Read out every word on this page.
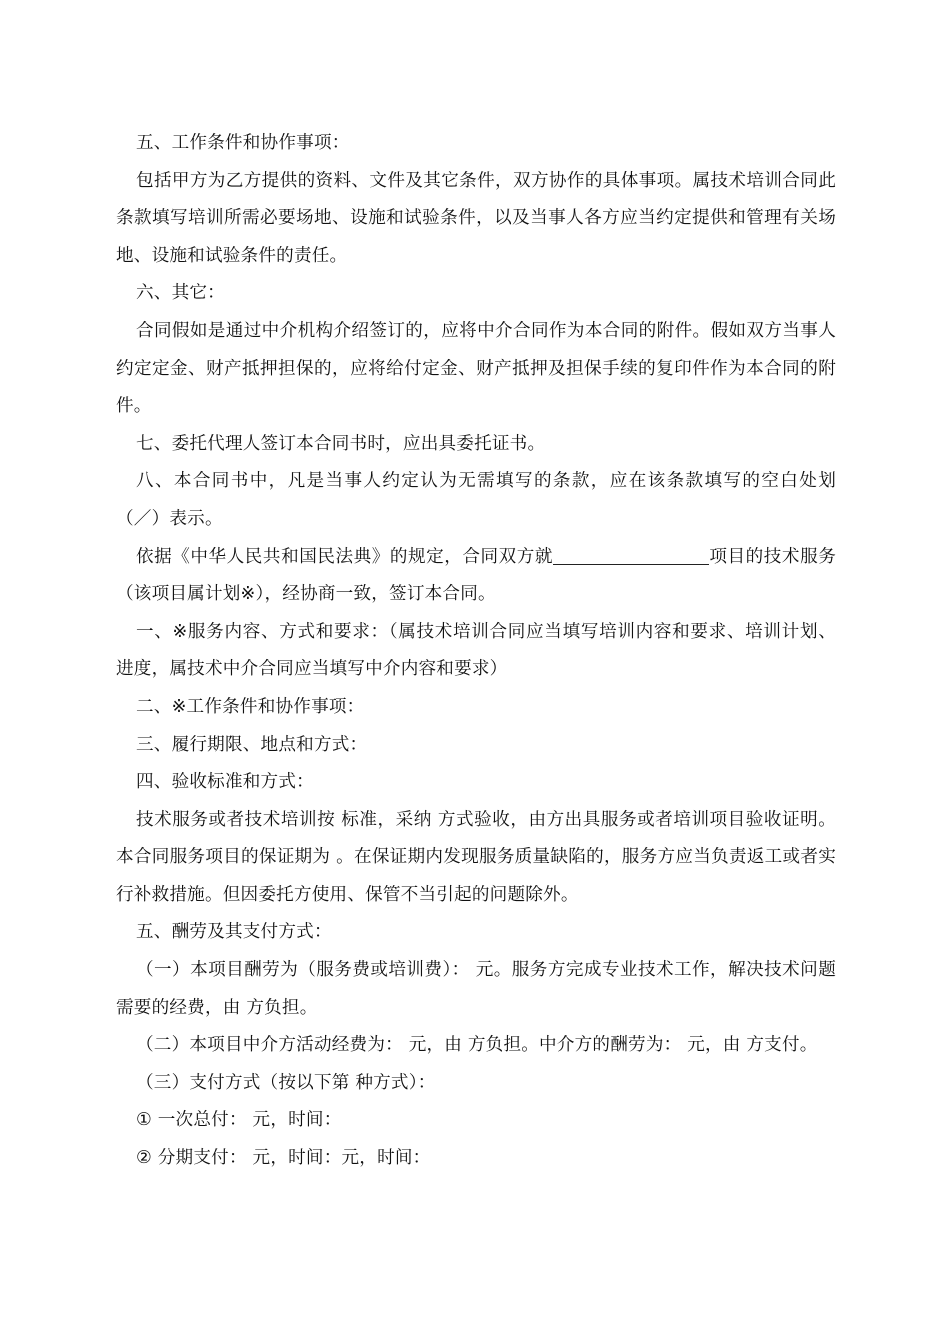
五、工作条件和协作事项：

包括甲方为乙方提供的资料、文件及其它条件，双方协作的具体事项。属技术培训合同此条款填写培训所需必要场地、设施和试验条件，以及当事人各方应当约定提供和管理有关场地、设施和试验条件的责任。

六、其它：

合同假如是通过中介机构介绍签订的，应将中介合同作为本合同的附件。假如双方当事人约定定金、财产抵押担保的，应将给付定金、财产抵押及担保手续的复印件作为本合同的附件。

七、委托代理人签订本合同书时，应出具委托证书。

八、本合同书中，凡是当事人约定认为无需填写的条款，应在该条款填写的空白处划（／）表示。

依据《中华人民共和国民法典》的规定，合同双方就	项目的技术服务（该项目属计划※），经协商一致，签订本合同。

一、※服务内容、方式和要求：（属技术培训合同应当填写培训内容和要求、培训计划、进度，属技术中介合同应当填写中介内容和要求）

二、※工作条件和协作事项：

三、履行期限、地点和方式：

四、验收标准和方式：

技术服务或者技术培训按 标准，采纳 方式验收，由方出具服务或者培训项目验收证明。本合同服务项目的保证期为 。在保证期内发现服务质量缺陷的，服务方应当负责返工或者实行补救措施。但因委托方使用、保管不当引起的问题除外。

五、酬劳及其支付方式：

（一）本项目酬劳为（服务费或培训费）： 元。服务方完成专业技术工作，解决技术问题需要的经费，由 方负担。

（二）本项目中介方活动经费为： 元，由 方负担。中介方的酬劳为： 元，由 方支付。

（三）支付方式（按以下第 种方式）：

① 一次总付： 元，时间：

② 分期支付： 元，时间：元，时间：
